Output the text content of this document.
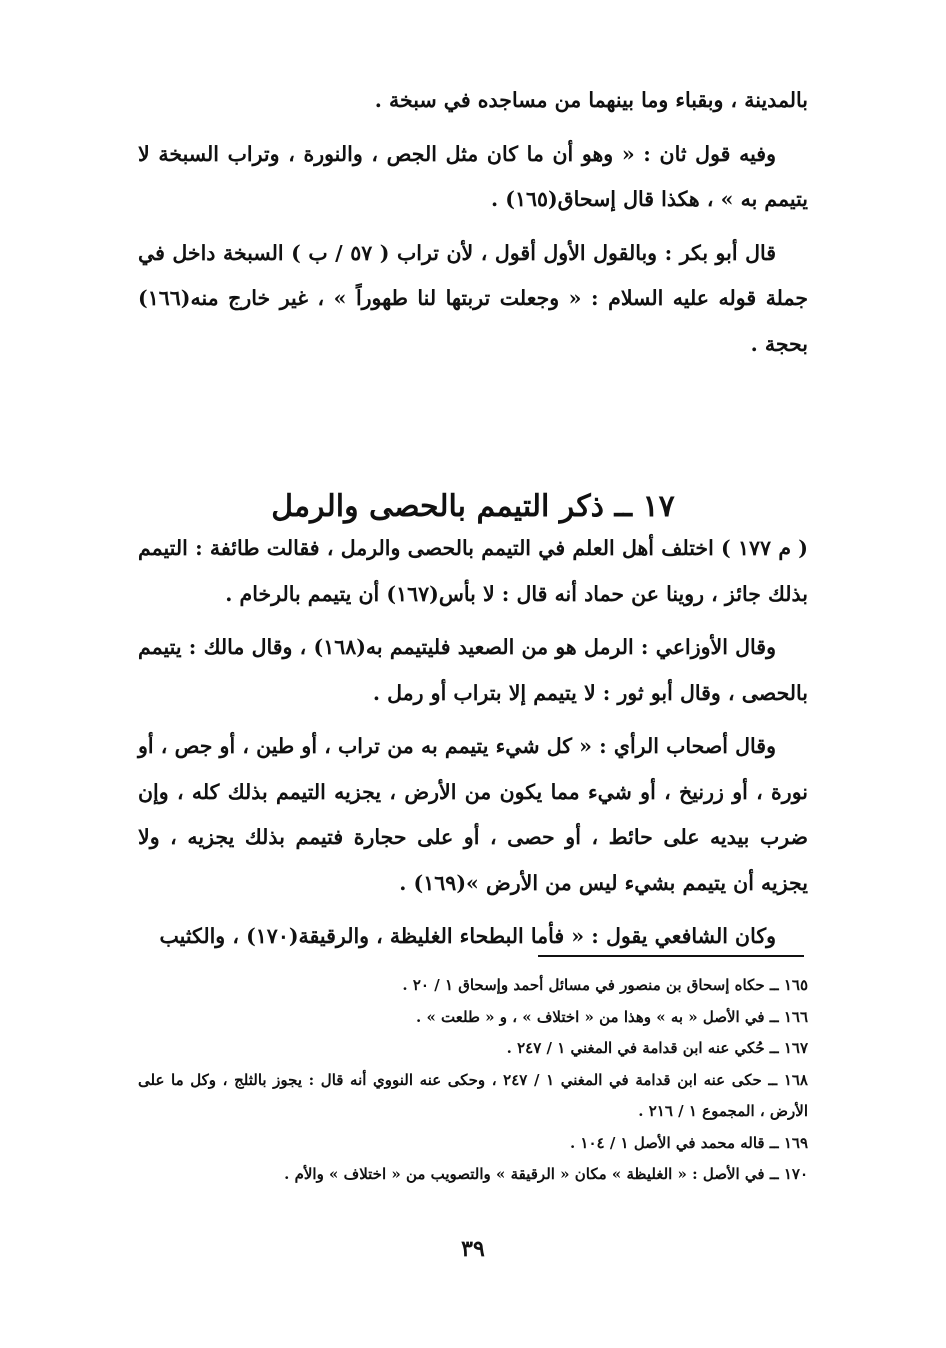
بالمدينة ، وبقباء وما بينهما من مساجده في سبخة .

وفيه قول ثان : « وهو أن ما كان مثل الجص ، والنورة ، وتراب السبخة لا يتيمم به » ، هكذا قال إسحاق(١٦٥) .

قال أبو بكر : وبالقول الأول أقول ، لأن تراب ( ٥٧ / ب ) السبخة داخل في جملة قوله عليه السلام : « وجعلت تربتها لنا طهوراً » ، غير خارج منه(١٦٦) بحجة .

١٧ ــ ذكر التيمم بالحصى والرمل

( م ١٧٧ ) اختلف أهل العلم في التيمم بالحصى والرمل ، فقالت طائفة : التيمم بذلك جائز ، روينا عن حماد أنه قال : لا بأس(١٦٧) أن يتيمم بالرخام .

وقال الأوزاعي : الرمل هو من الصعيد فليتيمم به(١٦٨) ، وقال مالك : يتيمم بالحصى ، وقال أبو ثور : لا يتيمم إلا بتراب أو رمل .

وقال أصحاب الرأي : « كل شيء يتيمم به من تراب ، أو طين ، أو جص ، أو نورة ، أو زرنيخ ، أو شيء مما يكون من الأرض ، يجزيه التيمم بذلك كله ، وإن ضرب بيديه على حائط ، أو حصى ، أو على حجارة فتيمم بذلك يجزيه ، ولا يجزيه أن يتيمم بشيء ليس من الأرض »(١٦٩) .

وكان الشافعي يقول : « فأما البطحاء الغليظة ، والرقيقة(١٧٠) ، والكثيب

١٦٥ ــ حكاه إسحاق بن منصور في مسائل أحمد وإسحاق ١ / ٢٠ .

١٦٦ ــ في الأصل « به » وهذا من « اختلاف » ، و « طلعت » .

١٦٧ ــ حُكي عنه ابن قدامة في المغني ١ / ٢٤٧ .

١٦٨ ــ حكى عنه ابن قدامة في المغني ١ / ٢٤٧ ، وحكى عنه النووي أنه قال : يجوز بالثلج ، وكل ما على الأرض ، المجموع ١ / ٢١٦ .

١٦٩ ــ قاله محمد في الأصل ١ / ١٠٤ .

١٧٠ ــ في الأصل : « الغليظة » مكان « الرقيقة » والتصويب من « اختلاف » والأم .

٣٩
